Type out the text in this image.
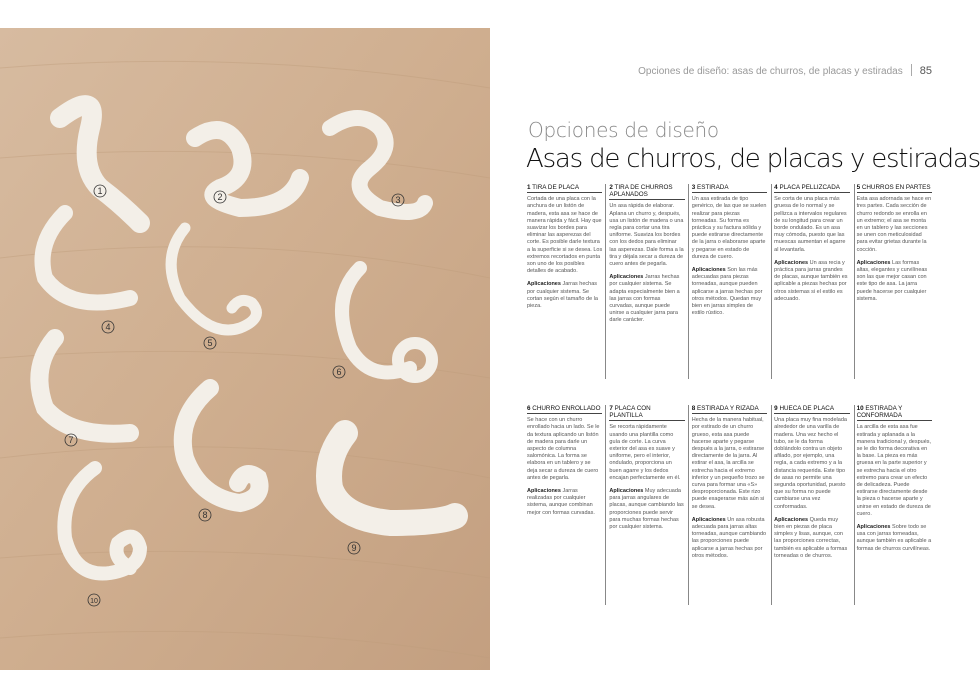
1
2	3
4
5
6
7
8
9
10
Opciones de diseño: asas de churros, de placas y estiradas 85
Opciones de diseño
Asas de churros, de placas y estiradas
1 TIRA DE PLACA

Cortada de una placa con la anchura de un listón de madera, esta asa se hace de manera rápida y fácil. Hay que suavizar los bordes para eliminar las asperezas del corte. Es posible darle textura a la superficie si se desea. Los extremos recortados en punta son uno de los posibles detalles de acabado.

Aplicaciones Jarras hechas por cualquier sistema. Se cortan según el tamaño de la pieza.

2 TIRA DE CHURROS APLANADOS

Un asa rápida de elaborar. Aplana un churro y, después, usa un listón de madera o una regla para cortar una tira uniforme. Suaviza los bordes con los dedos para eliminar las asperezas. Dale forma a la tira y déjala secar a dureza de cuero antes de pegarla.

Aplicaciones Jarras hechas por cualquier sistema. Se adapta especialmente bien a las jarras con formas curvadas, aunque puede unirse a cualquier jarra para darle carácter.

3 ESTIRADA

Un asa estirada de tipo genérico, de las que se suelen realizar para piezas torneadas. Su forma es práctica y su factura sólida y puede estirarse directamente de la jarra o elaborarse aparte y pegarse en estado de dureza de cuero.

Aplicaciones Son las más adecuadas para piezas torneadas, aunque pueden aplicarse a jarras hechas por otros métodos. Quedan muy bien en jarras simples de estilo rústico.

4 PLACA PELLIZCADA

Se corta de una placa más gruesa de lo normal y se pellizca a intervalos regulares de su longitud para crear un borde ondulado. Es un asa muy cómoda, puesto que las muescas aumentan el agarre al levantarla.

Aplicaciones Un asa recia y práctica para jarras grandes de placas, aunque también es aplicable a piezas hechas por otros sistemas si el estilo es adecuado.

5 CHURROS EN PARTES

Esta asa adornada se hace en tres partes. Cada sección de churro redondo se enrolla en un extremo; el asa se monta en un tablero y las secciones se unen con meticulosidad para evitar grietas durante la cocción.

Aplicaciones Las formas altas, elegantes y curvilíneas son las que mejor casan con este tipo de asa. La jarra puede hacerse por cualquier sistema.

6 CHURRO ENROLLADO

Se hace con un churro enrollado hacia un lado. Se le da textura aplicando un listón de madera para darle un aspecto de columna salomónica. La forma se elabora en un tablero y se deja secar a dureza de cuero antes de pegarla.

Aplicaciones Jarras realizadas por cualquier sistema, aunque combinan mejor con formas curvadas.

7 PLACA CON PLANTILLA

Se recorta rápidamente usando una plantilla como guía de corte. La curva exterior del asa es suave y uniforme, pero el interior, ondulado, proporciona un buen agarre y los dedos encajan perfectamente en él.

Aplicaciones Muy adecuada para jarras angulares de placas, aunque cambiando las proporciones puede servir para muchas formas hechas por cualquier sistema.

8 ESTIRADA Y RIZADA

Hecha de la manera habitual, por estirado de un churro grueso, esta asa puede hacerse aparte y pegarse después a la jarra, o estirarse directamente de la jarra. Al estirar el asa, la arcilla se estrecha hacia el extremo inferior y un pequeño trozo se curva para formar una «S» desproporcionada. Este rizo puede exagerarse más aún si se desea.

Aplicaciones Un asa robusta adecuada para jarras altas torneadas, aunque cambiando las proporciones puede aplicarse a jarras hechas por otros métodos.

9 HUECA DE PLACA

Una placa muy fina modelada alrededor de una varilla de madera. Una vez hecho el tubo, se le da forma doblándolo contra un objeto afilado, por ejemplo, una regla, a cada extremo y a la distancia requerida. Este tipo de asas no permite una segunda oportunidad, puesto que su forma no puede cambiarse una vez conformadas.

Aplicaciones Queda muy bien en piezas de placa simples y lisas, aunque, con las proporciones correctas, también es aplicable a formas torneadas o de churros.

10 ESTIRADA Y CONFORMADA

La arcilla de esta asa fue estirada y aplanada a la manera tradicional y, después, se le dio forma decorativa en la base. La pieza es más gruesa en la parte superior y se estrecha hacia el otro extremo para crear un efecto de delicadeza. Puede estirarse directamente desde la pieza o hacerse aparte y unirse en estado de dureza de cuero.

Aplicaciones Sobre todo se usa con jarras torneadas, aunque también es aplicable a formas de churros curvilíneas.
